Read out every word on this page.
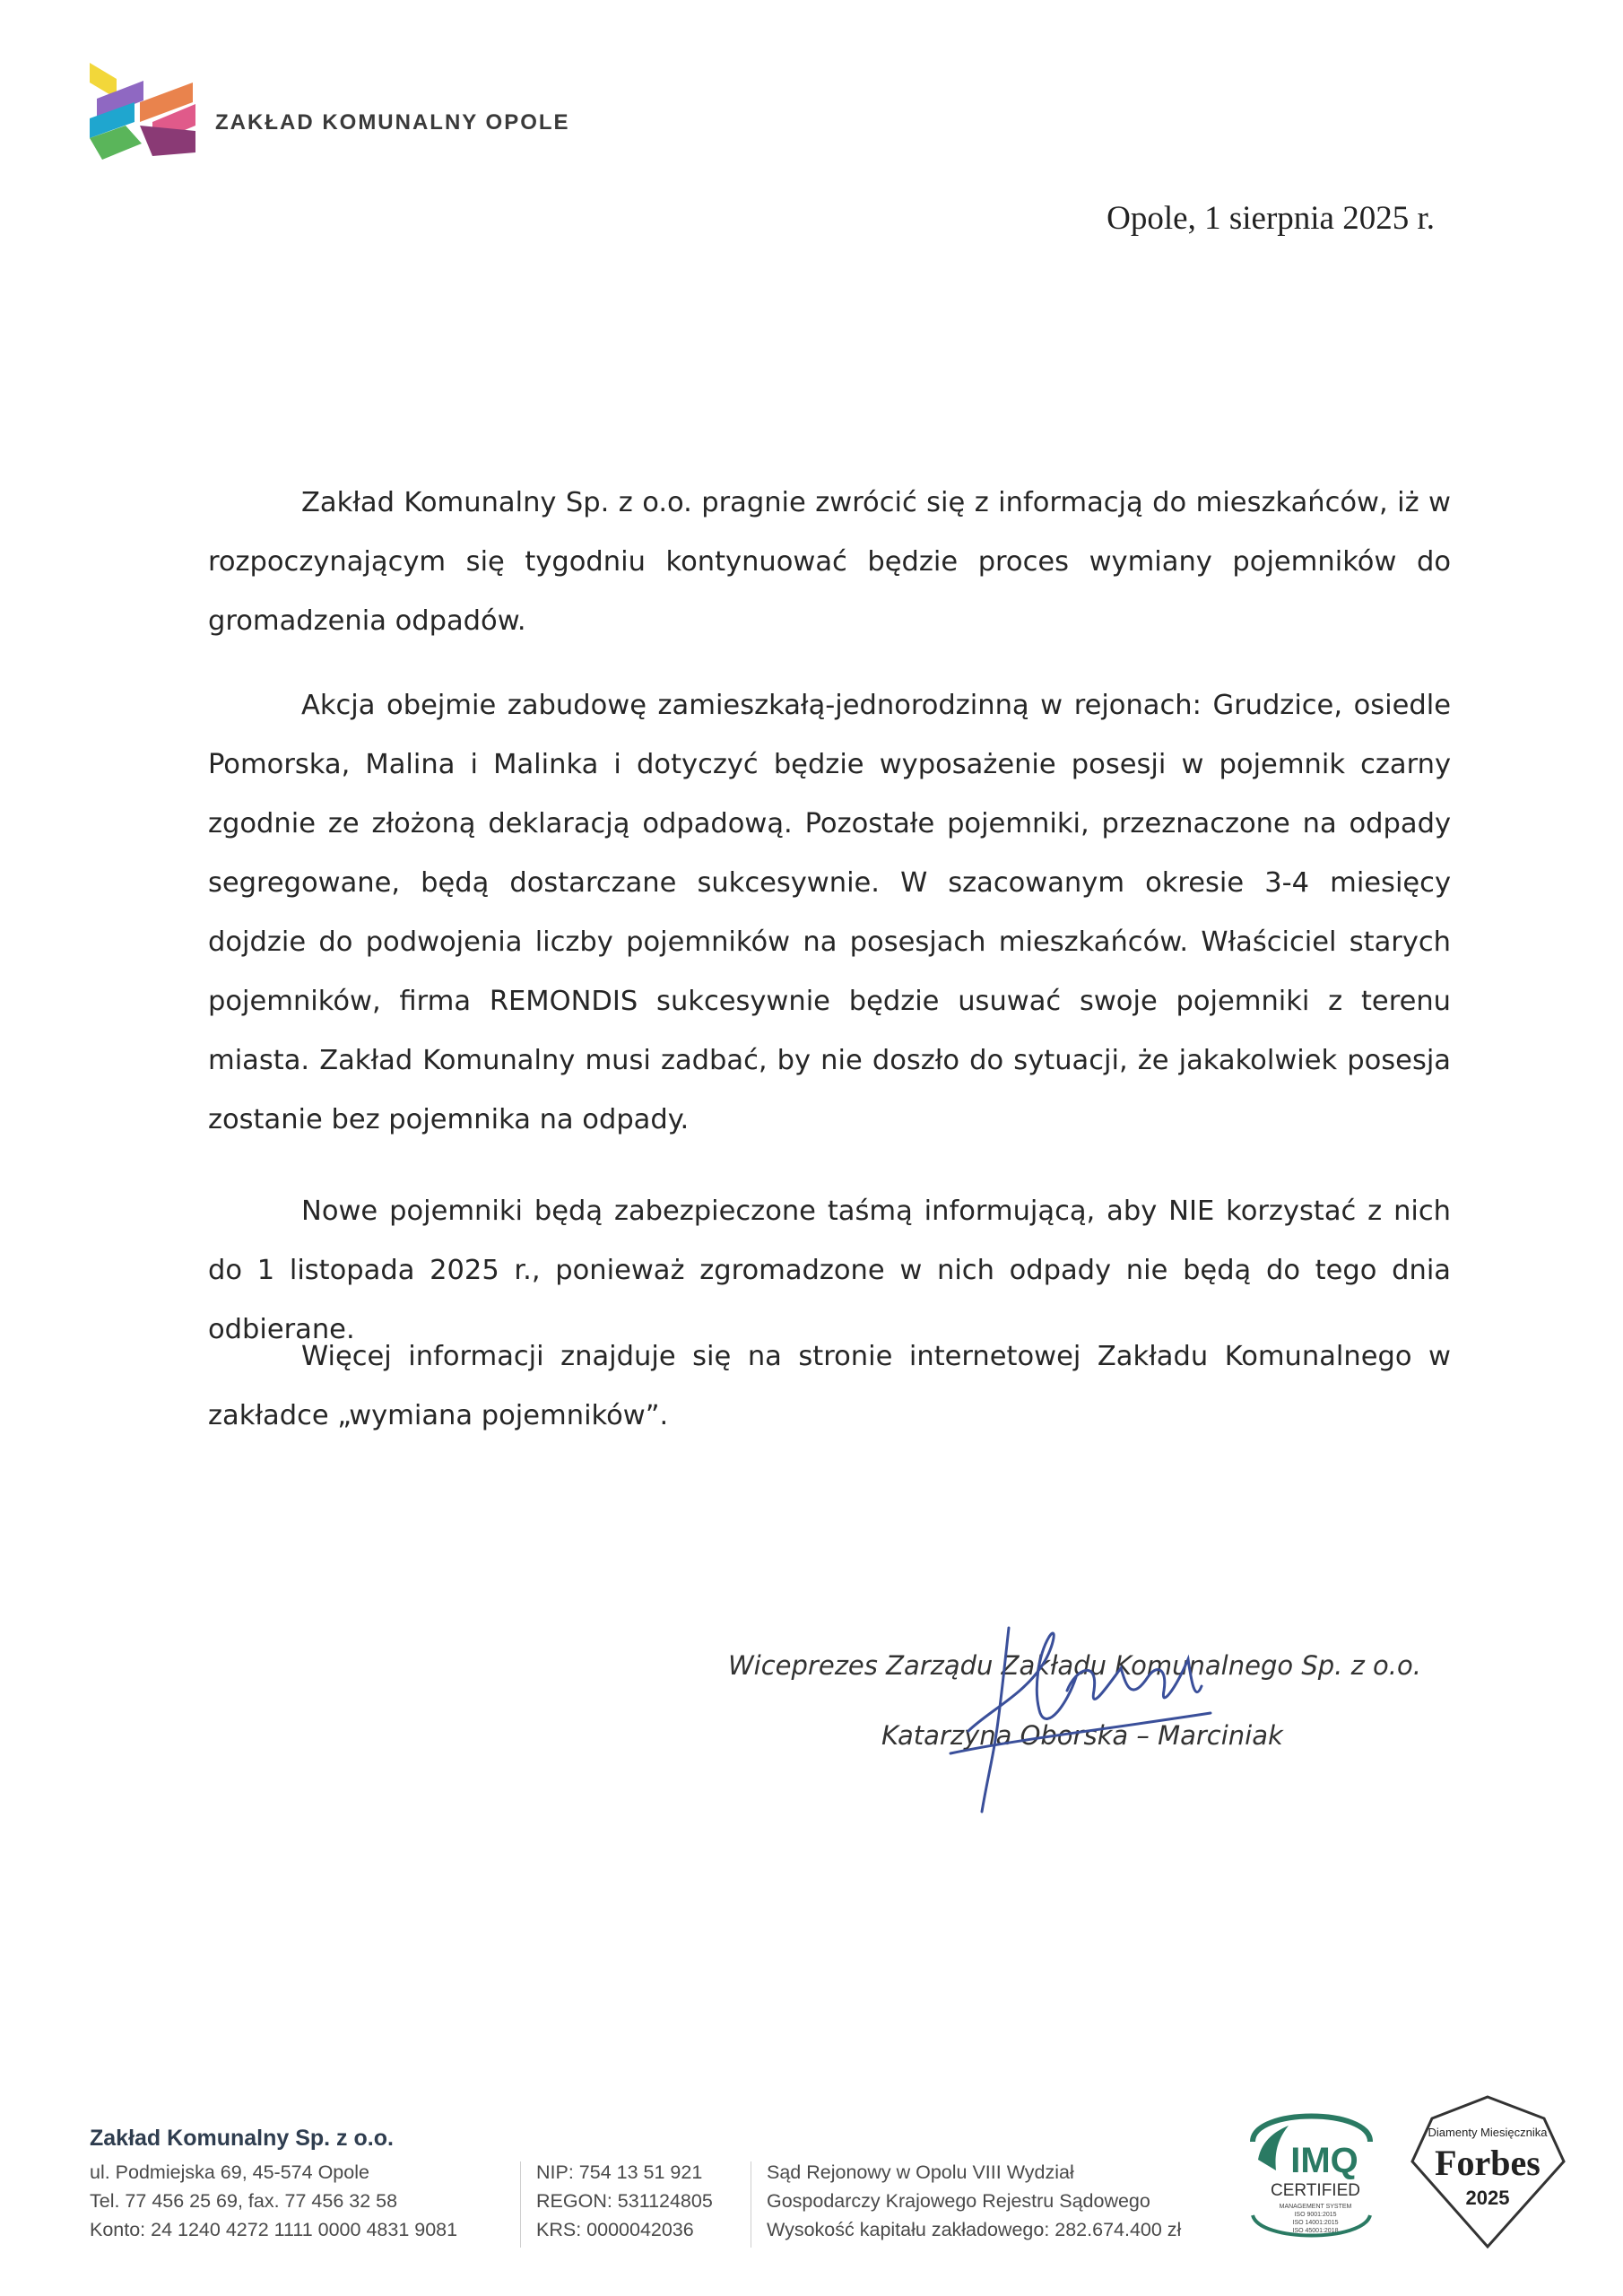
ZAKŁAD KOMUNALNY OPOLE
Opole, 1 sierpnia 2025 r.

Zakład Komunalny Sp. z o.o. pragnie zwrócić się z informacją do mieszkańców, iż w rozpoczynającym się tygodniu kontynuować będzie proces wymiany pojemników do gromadzenia odpadów.

Akcja obejmie zabudowę zamieszkałą-jednorodzinną w rejonach: Grudzice, osiedle Pomorska, Malina i Malinka i dotyczyć będzie wyposażenie posesji w pojemnik czarny zgodnie ze złożoną deklaracją odpadową. Pozostałe pojemniki, przeznaczone na odpady segregowane, będą dostarczane sukcesywnie. W szacowanym okresie 3-4 miesięcy dojdzie do podwojenia liczby pojemników na posesjach mieszkańców. Właściciel starych pojemników, firma REMONDIS sukcesywnie będzie usuwać swoje pojemniki z terenu miasta. Zakład Komunalny musi zadbać, by nie doszło do sytuacji, że jakakolwiek posesja zostanie bez pojemnika na odpady.

Nowe pojemniki będą zabezpieczone taśmą informującą, aby NIE korzystać z nich do 1 listopada 2025 r., ponieważ zgromadzone w nich odpady nie będą do tego dnia odbierane.

Więcej informacji znajduje się na stronie internetowej Zakładu Komunalnego w zakładce „wymiana pojemników”.

Wiceprezes Zarządu Zakładu Komunalnego Sp. z o.o.
Katarzyna Oborska – Marciniak
Zakład Komunalny Sp. z o.o.
ul. Podmiejska 69, 45-574 Opole
Tel. 77 456 25 69, fax. 77 456 32 58
Konto: 24 1240 4272 1111 0000 4831 9081
NIP: 754 13 51 921
REGON: 531124805
KRS: 0000042036
Sąd Rejonowy w Opolu VIII Wydział
Gospodarczy Krajowego Rejestru Sądowego
Wysokość kapitału zakładowego: 282.674.400 zł
IMQ
CERTIFIED
MANAGEMENT SYSTEM
ISO 9001:2015
ISO 14001:2015
ISO 45001:2018
Diamenty Miesięcznika
Forbes
2025
